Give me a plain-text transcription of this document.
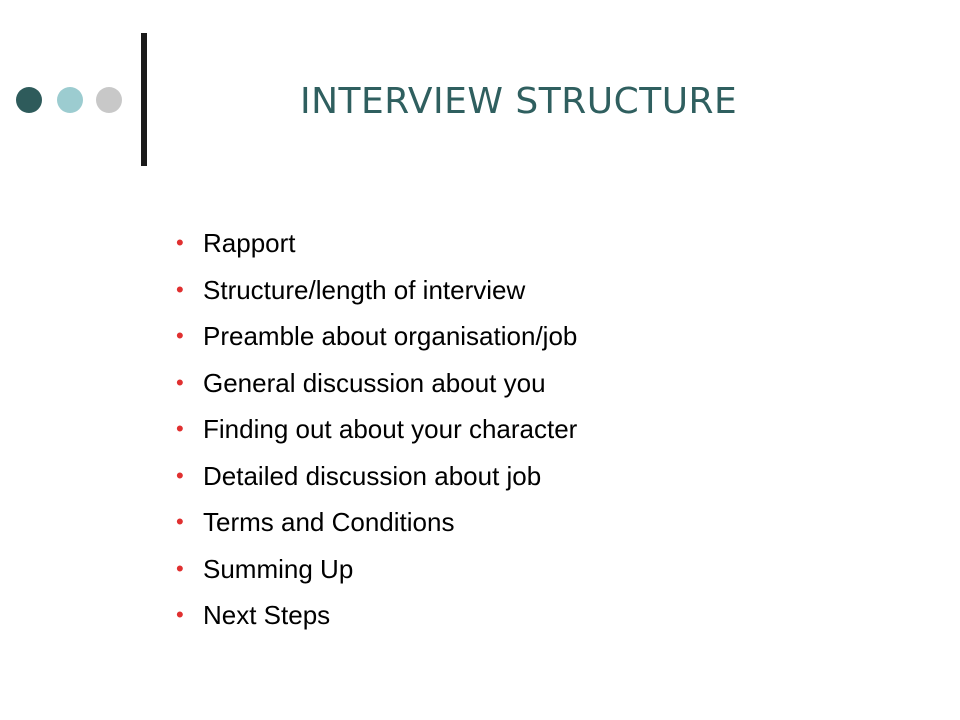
INTERVIEW STRUCTURE
• Rapport
• Structure/length of interview
• Preamble about organisation/job
• General discussion about you
• Finding out about your character
• Detailed discussion about job
• Terms and Conditions
• Summing Up
• Next Steps
